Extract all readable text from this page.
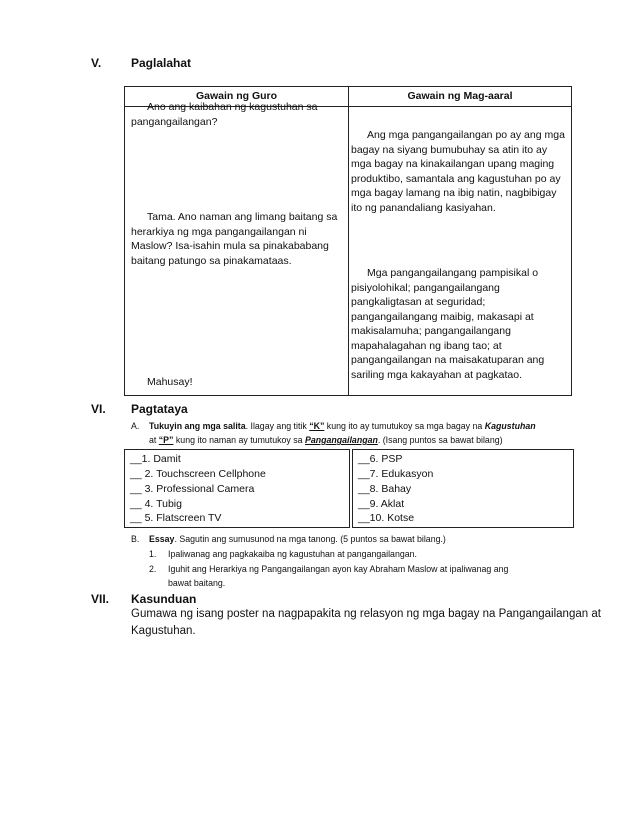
V. Paglalahat
Gawain ng Guro	Gawain ng Mag-aaral
Ano ang kaibahan ng kagustuhan sa
pangangailangan?
Tama. Ano naman ang limang baitang sa
herarkiya ng mga pangangailangan ni
Maslow? Isa-isahin mula sa pinakababang
baitang patungo sa pinakamataas.
Mahusay!
Ang mga pangangailangan po ay ang mga
bagay na siyang bumubuhay sa atin ito ay
mga bagay na kinakailangan upang maging
produktibo, samantala ang kagustuhan po ay
mga bagay lamang na ibig natin, nagbibigay
ito ng panandaliang kasiyahan.
Mga pangangailangang pampisikal o
pisiyolohikal; pangangailangang
pangkaligtasan at seguridad;
pangangailangang maibig, makasapi at
makisalamuha; pangangailangang
mapahalagahan ng ibang tao; at
pangangailangan na maisakatuparan ang
sariling mga kakayahan at pagkatao.
VI. Pagtataya
A. Tukuyin ang mga salita. Ilagay ang titik “K” kung ito ay tumutukoy sa mga bagay na Kagustuhan
at “P” kung ito naman ay tumutukoy sa Pangangailangan. (Isang puntos sa bawat bilang)
__1. Damit
__ 2. Touchscreen Cellphone
__ 3. Professional Camera
__ 4. Tubig
__ 5. Flatscreen TV
__6. PSP
__7. Edukasyon
__8. Bahay
__9. Aklat
__10. Kotse
B. Essay. Sagutin ang sumusunod na mga tanong. (5 puntos sa bawat bilang.)
1. Ipaliwanag ang pagkakaiba ng kagustuhan at pangangailangan.
2. Iguhit ang Herarkiya ng Pangangailangan ayon kay Abraham Maslow at ipaliwanag ang
bawat baitang.
VII. Kasunduan
Gumawa ng isang poster na nagpapakita ng relasyon ng mga bagay na Pangangailangan at
Kagustuhan.
